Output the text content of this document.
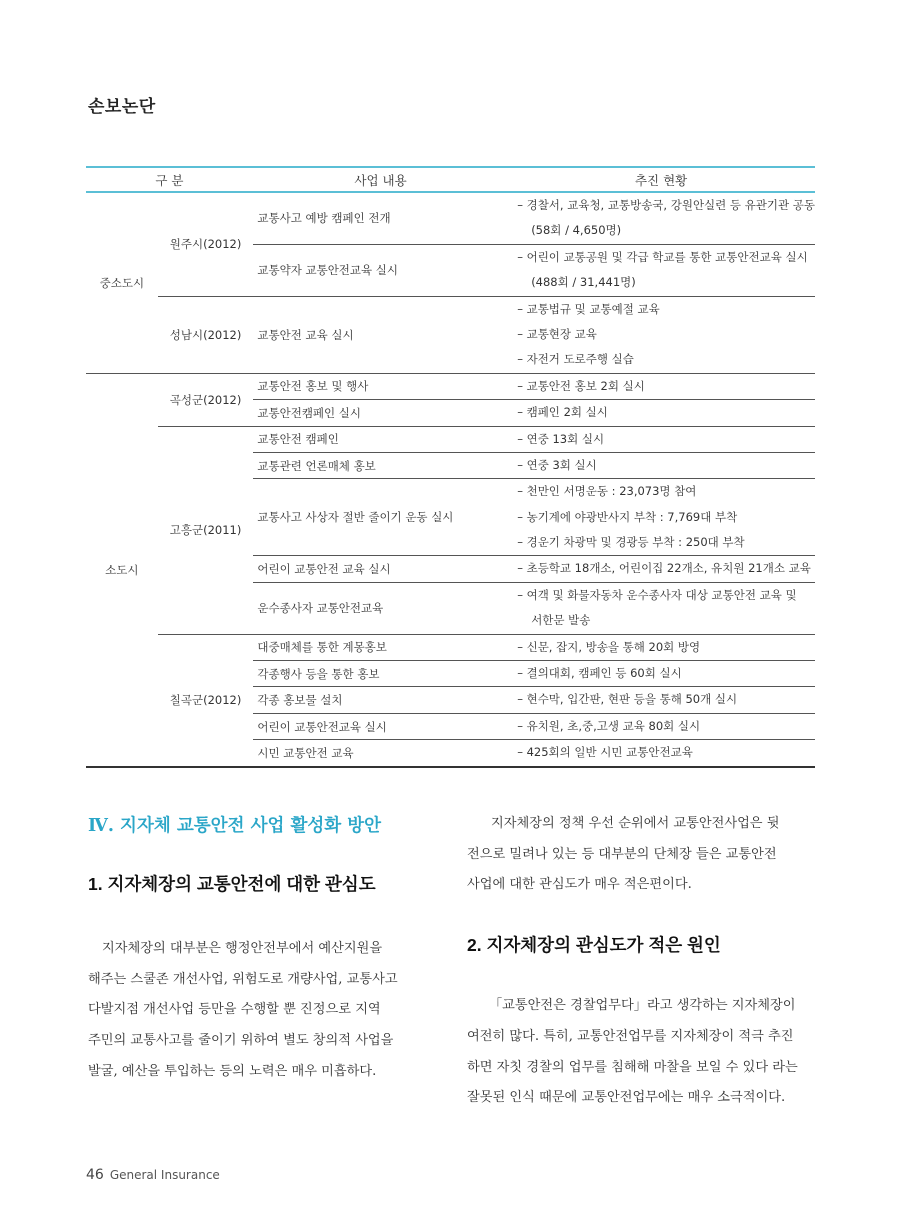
손보논단
구 분		사업 내용	추진 현황
중소도시	원주시(2012)	교통사고 예방 캠페인 전개	– 경찰서, 교육청, 교통방송국, 강원안실련 등 유관기관 공동
(58회 / 4,650명)

		교통약자 교통안전교육 실시	– 어린이 교통공원 및 각급 학교를 통한 교통안전교육 실시
(488회 / 31,441명)

	성남시(2012)	교통안전 교육 실시	– 교통법규 및 교통예절 교육
– 교통현장 교육
– 자전거 도로주행 실습

소도시	곡성군(2012)	교통안전 홍보 및 행사	– 교통안전 홍보 2회 실시

		교통안전캠페인 실시	– 캠페인 2회 실시

	고흥군(2011)	교통안전 캠페인	– 연중 13회 실시

		교통관련 언론매체 홍보	– 연중 3회 실시

		교통사고 사상자 절반 줄이기 운동 실시	– 천만인 서명운동 : 23,073명 참여
– 농기계에 야광반사지 부착 : 7,769대 부착
– 경운기 차광막 및 경광등 부착 : 250대 부착

		어린이 교통안전 교육 실시	– 초등학교 18개소, 어린이집 22개소, 유치원 21개소 교육

		운수종사자 교통안전교육	– 여객 및 화물자동차 운수종사자 대상 교통안전 교육 및
서한문 발송

	칠곡군(2012)	대중매체를 통한 계몽홍보	– 신문, 잡지, 방송을 통해 20회 방영

		각종행사 등을 통한 홍보	– 결의대회, 캠페인 등 60회 실시

		각종 홍보물 설치	– 현수막, 입간판, 현판 등을 통해 50개 실시

		어린이 교통안전교육 실시	– 유치원, 초,중,고생 교육 80회 실시

		시민 교통안전 교육	– 425회의 일반 시민 교통안전교육
Ⅳ. 지자체 교통안전 사업 활성화 방안
1. 지자체장의 교통안전에 대한 관심도
지자체장의 대부분은 행정안전부에서 예산지원을
해주는 스쿨존 개선사업, 위험도로 개량사업, 교통사고
다발지점 개선사업 등만을 수행할 뿐 진정으로 지역
주민의 교통사고를 줄이기 위하여 별도 창의적 사업을
발굴, 예산을 투입하는 등의 노력은 매우 미흡하다.
지자체장의 정책 우선 순위에서 교통안전사업은 뒷
전으로 밀려나 있는 등 대부분의 단체장 들은 교통안전
사업에 대한 관심도가 매우 적은편이다.
2. 지자체장의 관심도가 적은 원인
「교통안전은 경찰업무다」라고 생각하는 지자체장이
여전히 많다. 특히, 교통안전업무를 지자체장이 적극 추진
하면 자칫 경찰의 업무를 침해해 마찰을 보일 수 있다 라는
잘못된 인식 때문에 교통안전업무에는 매우 소극적이다.
46 General Insurance
